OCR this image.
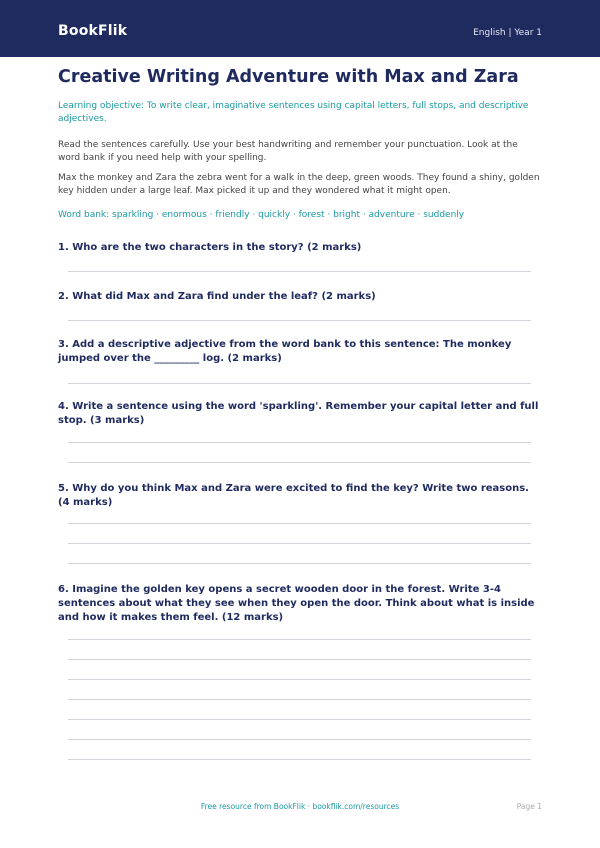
BookFlik	English | Year 1
Creative Writing Adventure with Max and Zara
Learning objective: To write clear, imaginative sentences using capital letters, full stops, and descriptive adjectives.
Read the sentences carefully. Use your best handwriting and remember your punctuation. Look at the word bank if you need help with your spelling.
Max the monkey and Zara the zebra went for a walk in the deep, green woods. They found a shiny, golden key hidden under a large leaf. Max picked it up and they wondered what it might open.
Word bank: sparkling · enormous · friendly · quickly · forest · bright · adventure · suddenly
1. Who are the two characters in the story? (2 marks)
2. What did Max and Zara find under the leaf? (2 marks)
3. Add a descriptive adjective from the word bank to this sentence: The monkey jumped over the _________ log. (2 marks)
4. Write a sentence using the word 'sparkling'. Remember your capital letter and full stop. (3 marks)
5. Why do you think Max and Zara were excited to find the key? Write two reasons. (4 marks)
6. Imagine the golden key opens a secret wooden door in the forest. Write 3-4 sentences about what they see when they open the door. Think about what is inside and how it makes them feel. (12 marks)
Free resource from BookFlik · bookflik.com/resources	Page 1
